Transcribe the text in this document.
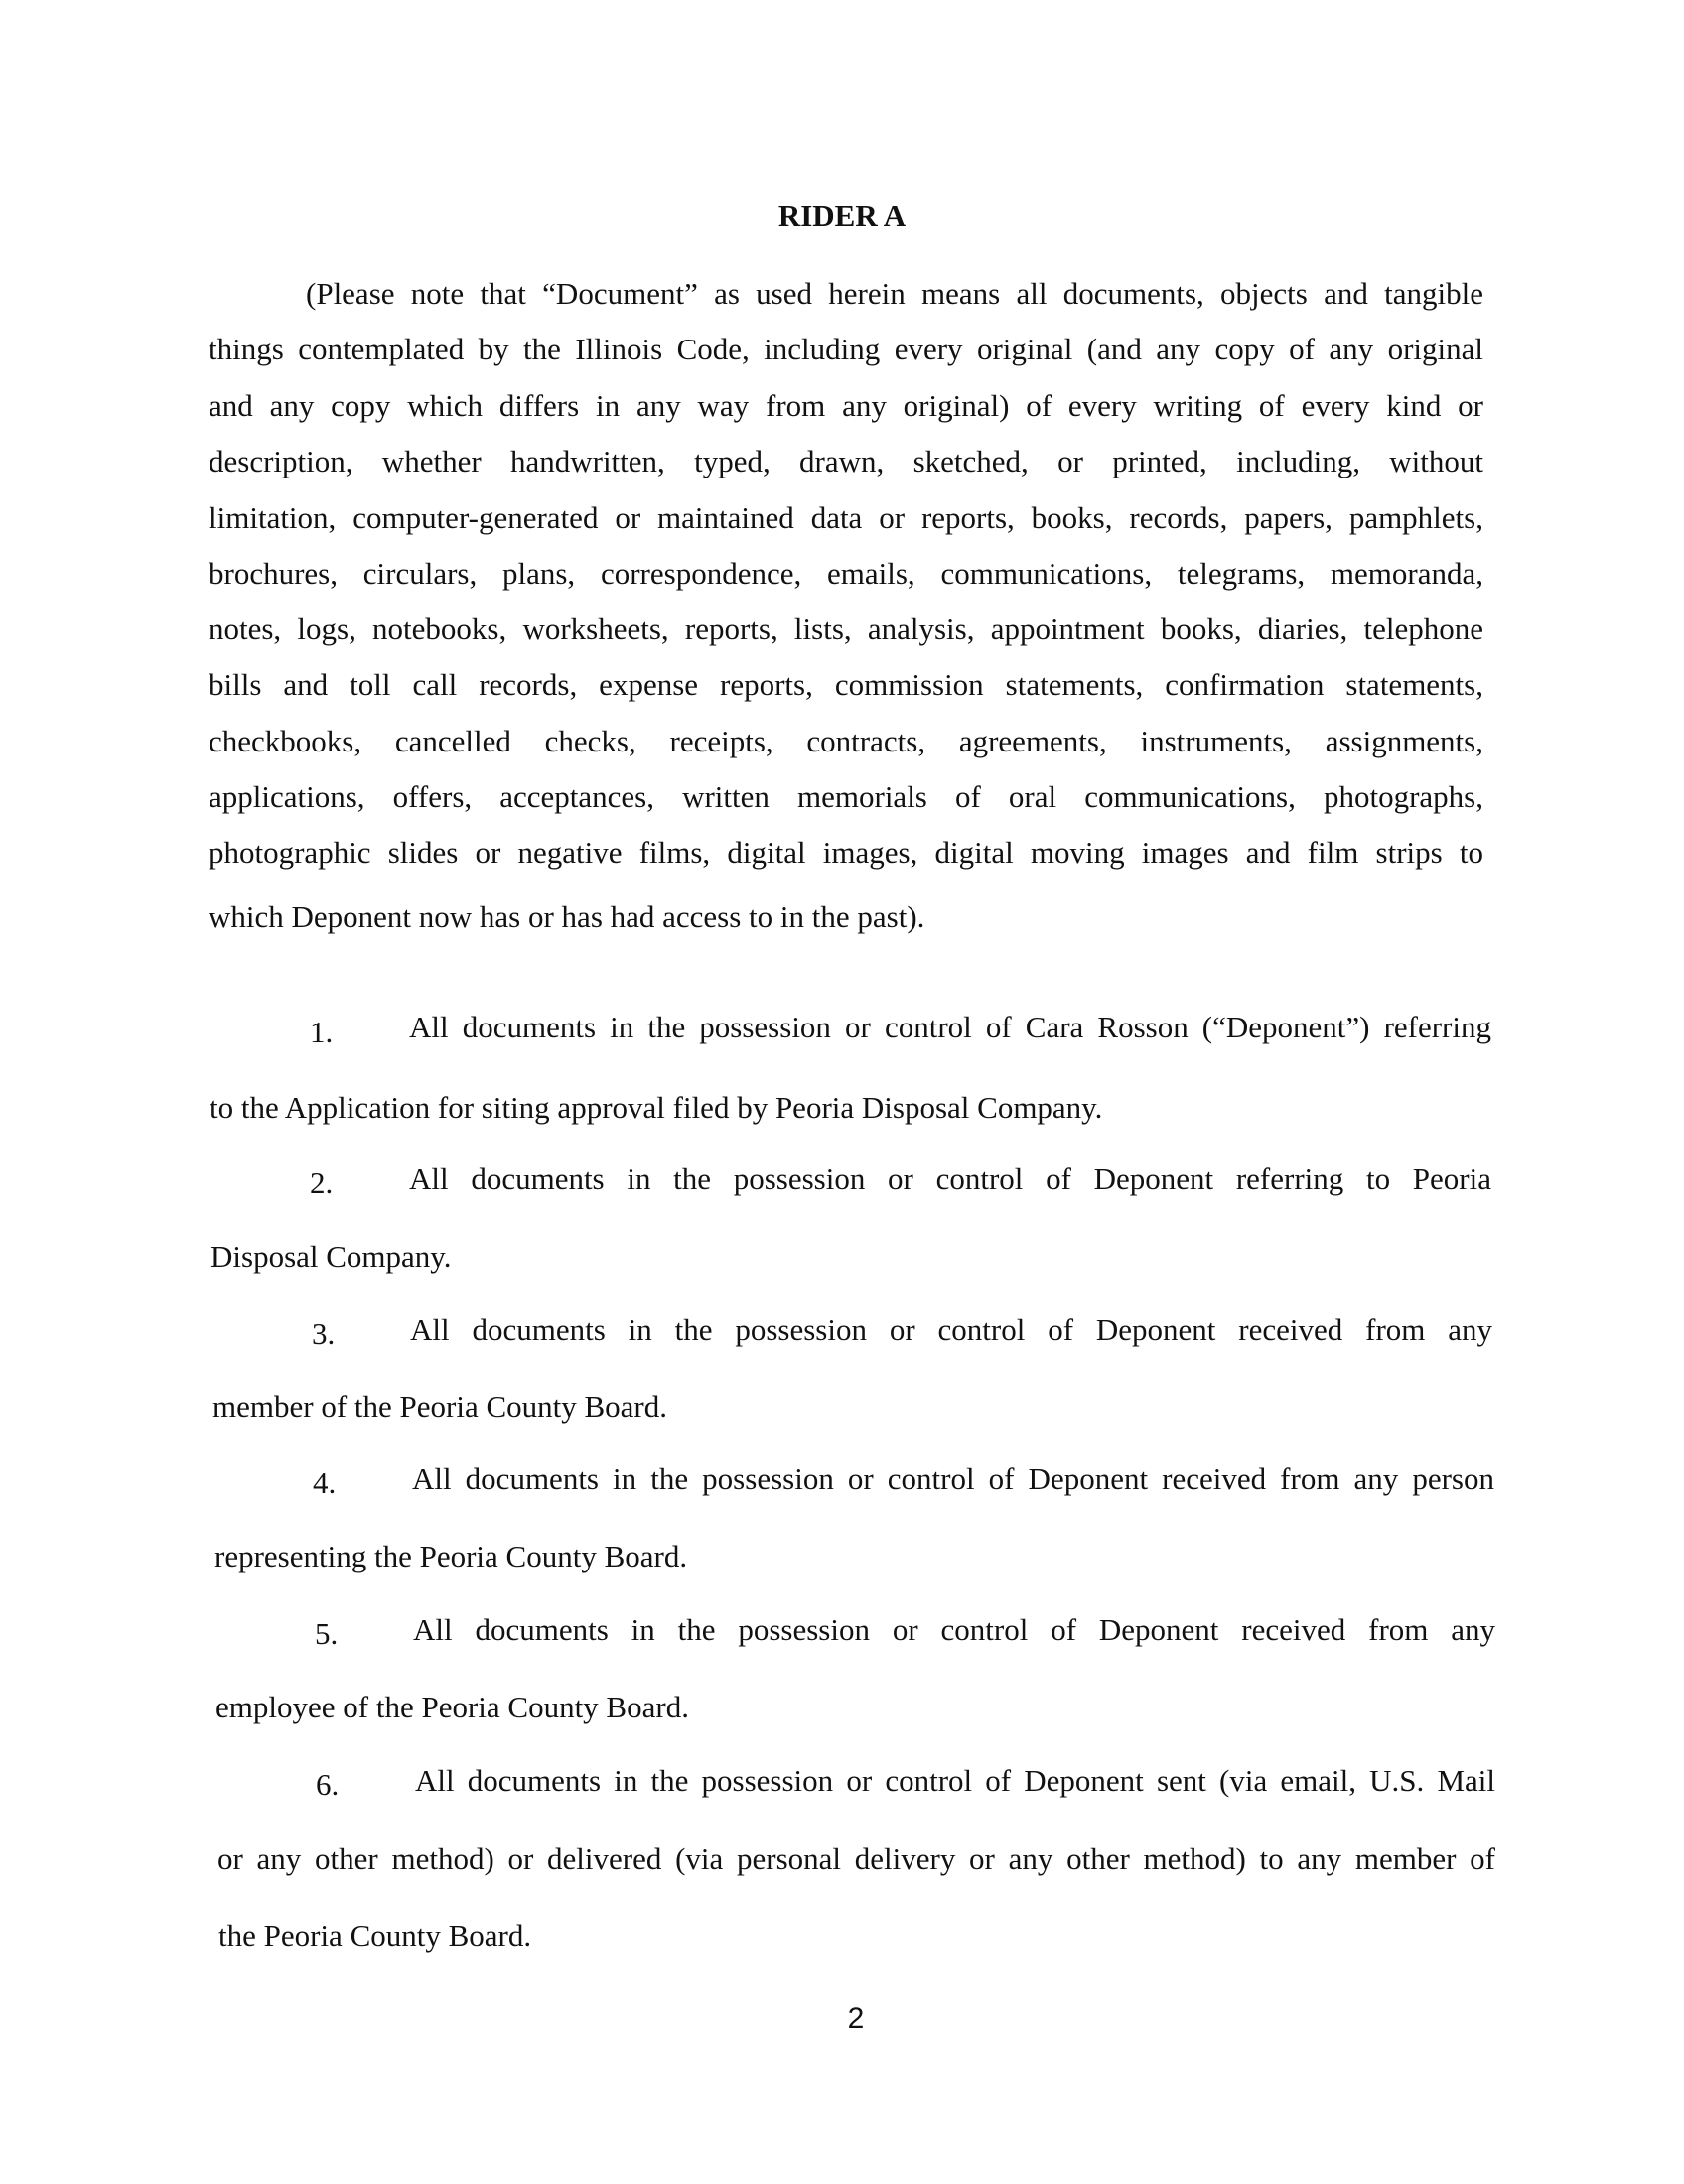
RIDER A
(Please note that “Document” as used herein means all documents, objects and tangible
things contemplated by the Illinois Code, including every original (and any copy of any original
and any copy which differs in any way from any original) of every writing of every kind or
description, whether handwritten, typed, drawn, sketched, or printed, including, without
limitation, computer-generated or maintained data or reports, books, records, papers, pamphlets,
brochures, circulars, plans, correspondence, emails, communications, telegrams, memoranda,
notes, logs, notebooks, worksheets, reports, lists, analysis, appointment books, diaries, telephone
bills and toll call records, expense reports, commission statements, confirmation statements,
checkbooks, cancelled checks, receipts, contracts, agreements, instruments, assignments,
applications, offers, acceptances, written memorials of oral communications, photographs,
photographic slides or negative films, digital images, digital moving images and film strips to
which Deponent now has or has had access to in the past).
1. All documents in the possession or control of Cara Rosson (“Deponent”) referring
to the Application for siting approval filed by Peoria Disposal Company.
2. All documents in the possession or control of Deponent referring to Peoria
Disposal Company.
3. All documents in the possession or control of Deponent received from any
member of the Peoria County Board.
4. All documents in the possession or control of Deponent received from any person
representing the Peoria County Board.
5. All documents in the possession or control of Deponent received from any
employee of the Peoria County Board.
6. All documents in the possession or control of Deponent sent (via email, U.S. Mail
or any other method) or delivered (via personal delivery or any other method) to any member of
the Peoria County Board.
2
